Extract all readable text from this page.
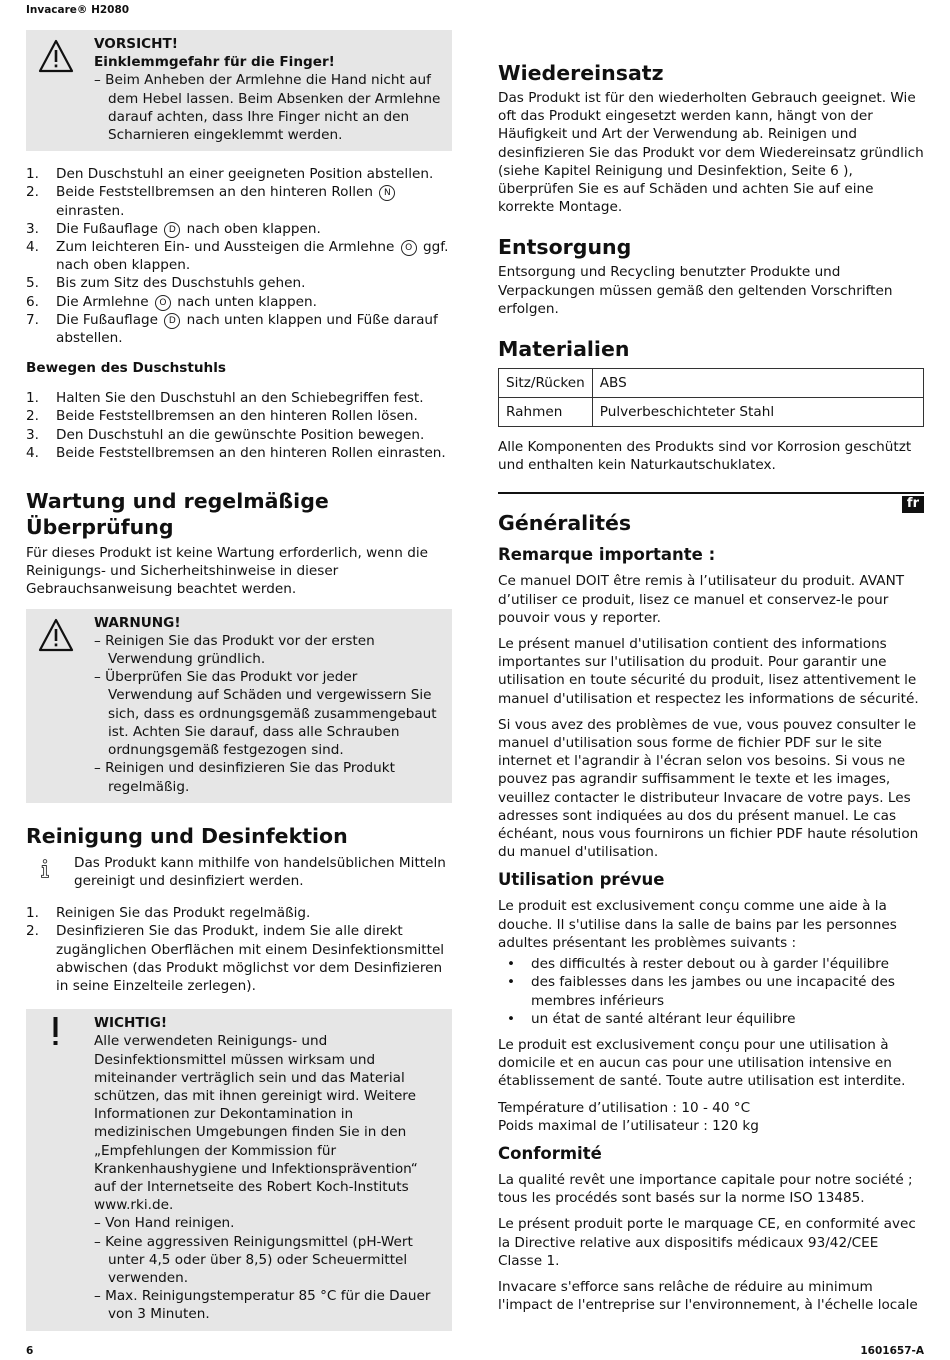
Invacare® H2080
VORSICHT!
Einklemmgefahr für die Finger!
– Beim Anheben der Armlehne die Hand nicht auf dem Hebel lassen. Beim Absenken der Armlehne darauf achten, dass Ihre Finger nicht an den Scharnieren eingeklemmt werden.
1. Den Duschstuhl an einer geeigneten Position abstellen.
2. Beide Feststellbremsen an den hinteren Rollen N
einrasten.
3. Die Fußauflage D nach oben klappen.
4. Zum leichteren Ein- und Aussteigen die Armlehne O ggf. nach oben klappen.
5. Bis zum Sitz des Duschstuhls gehen.
6. Die Armlehne O nach unten klappen.
7. Die Fußauflage D nach unten klappen und Füße darauf abstellen.
Bewegen des Duschstuhls
1. Halten Sie den Duschstuhl an den Schiebegriffen fest.
2. Beide Feststellbremsen an den hinteren Rollen lösen.
3. Den Duschstuhl an die gewünschte Position bewegen.
4. Beide Feststellbremsen an den hinteren Rollen einrasten.
Wartung und regelmäßige Überprüfung

Für dieses Produkt ist keine Wartung erforderlich, wenn die Reinigungs- und Sicherheitshinweise in dieser Gebrauchsanweisung beachtet werden.

WARNUNG!
– Reinigen Sie das Produkt vor der ersten Verwendung gründlich.
– Überprüfen Sie das Produkt vor jeder Verwendung auf Schäden und vergewissern Sie sich, dass es ordnungsgemäß zusammengebaut ist. Achten Sie darauf, dass alle Schrauben ordnungsgemäß festgezogen sind.
– Reinigen und desinfizieren Sie das Produkt regelmäßig.
Reinigung und Desinfektion

Das Produkt kann mithilfe von handelsüblichen Mitteln gereinigt und desinfiziert werden.

1. Reinigen Sie das Produkt regelmäßig.
2. Desinfizieren Sie das Produkt, indem Sie alle direkt zugänglichen Oberflächen mit einem Desinfektionsmittel abwischen (das Produkt möglichst vor dem Desinfizieren in seine Einzelteile zerlegen).
WICHTIG!
Alle verwendeten Reinigungs- und Desinfektionsmittel müssen wirksam und miteinander verträglich sein und das Material schützen, das mit ihnen gereinigt wird. Weitere Informationen zur Dekontamination in medizinischen Umgebungen finden Sie in den „Empfehlungen der Kommission für Krankenhaushygiene und Infektionsprävention“ auf der Internetseite des Robert Koch-Instituts www.rki.de.
– Von Hand reinigen.
– Keine aggressiven Reinigungsmittel (pH-Wert unter 4,5 oder über 8,5) oder Scheuermittel verwenden.
– Max. Reinigungstemperatur 85 °C für die Dauer von 3 Minuten.
Wiedereinsatz

Das Produkt ist für den wiederholten Gebrauch geeignet. Wie oft das Produkt eingesetzt werden kann, hängt von der Häufigkeit und Art der Verwendung ab. Reinigen und desinfizieren Sie das Produkt vor dem Wiedereinsatz gründlich (siehe Kapitel Reinigung und Desinfektion, Seite 6 ), überprüfen Sie es auf Schäden und achten Sie auf eine korrekte Montage.

Entsorgung

Entsorgung und Recycling benutzter Produkte und Verpackungen müssen gemäß den geltenden Vorschriften erfolgen.

Materialien
Sitz/Rücken	ABS
Rahmen	Pulverbeschichteter Stahl

Alle Komponenten des Produkts sind vor Korrosion geschützt und enthalten kein Naturkautschuklatex.

fr
Généralités
Remarque importante :

Ce manuel DOIT être remis à l’utilisateur du produit. AVANT d’utiliser ce produit, lisez ce manuel et conservez-le pour pouvoir vous y reporter.

Le présent manuel d'utilisation contient des informations importantes sur l'utilisation du produit. Pour garantir une utilisation en toute sécurité du produit, lisez attentivement le manuel d'utilisation et respectez les informations de sécurité.

Si vous avez des problèmes de vue, vous pouvez consulter le manuel d'utilisation sous forme de fichier PDF sur le site internet et l'agrandir à l'écran selon vos besoins. Si vous ne pouvez pas agrandir suffisamment le texte et les images, veuillez contacter le distributeur Invacare de votre pays. Les adresses sont indiquées au dos du présent manuel. Le cas échéant, nous vous fournirons un fichier PDF haute résolution du manuel d'utilisation.

Utilisation prévue

Le produit est exclusivement conçu comme une aide à la douche. Il s'utilise dans la salle de bains par les personnes adultes présentant les problèmes suivants :

• des difficultés à rester debout ou à garder l'équilibre
• des faiblesses dans les jambes ou une incapacité des membres inférieurs
• un état de santé altérant leur équilibre

Le produit est exclusivement conçu pour une utilisation à domicile et en aucun cas pour une utilisation intensive en établissement de santé. Toute autre utilisation est interdite.

Température d’utilisation : 10 - 40 °C

Poids maximal de l’utilisateur : 120 kg

Conformité

La qualité revêt une importance capitale pour notre société ; tous les procédés sont basés sur la norme ISO 13485.

Le présent produit porte le marquage CE, en conformité avec la Directive relative aux dispositifs médicaux 93/42/CEE Classe 1.

Invacare s'efforce sans relâche de réduire au minimum l'impact de l'entreprise sur l'environnement, à l'échelle locale

6	1601657-A
